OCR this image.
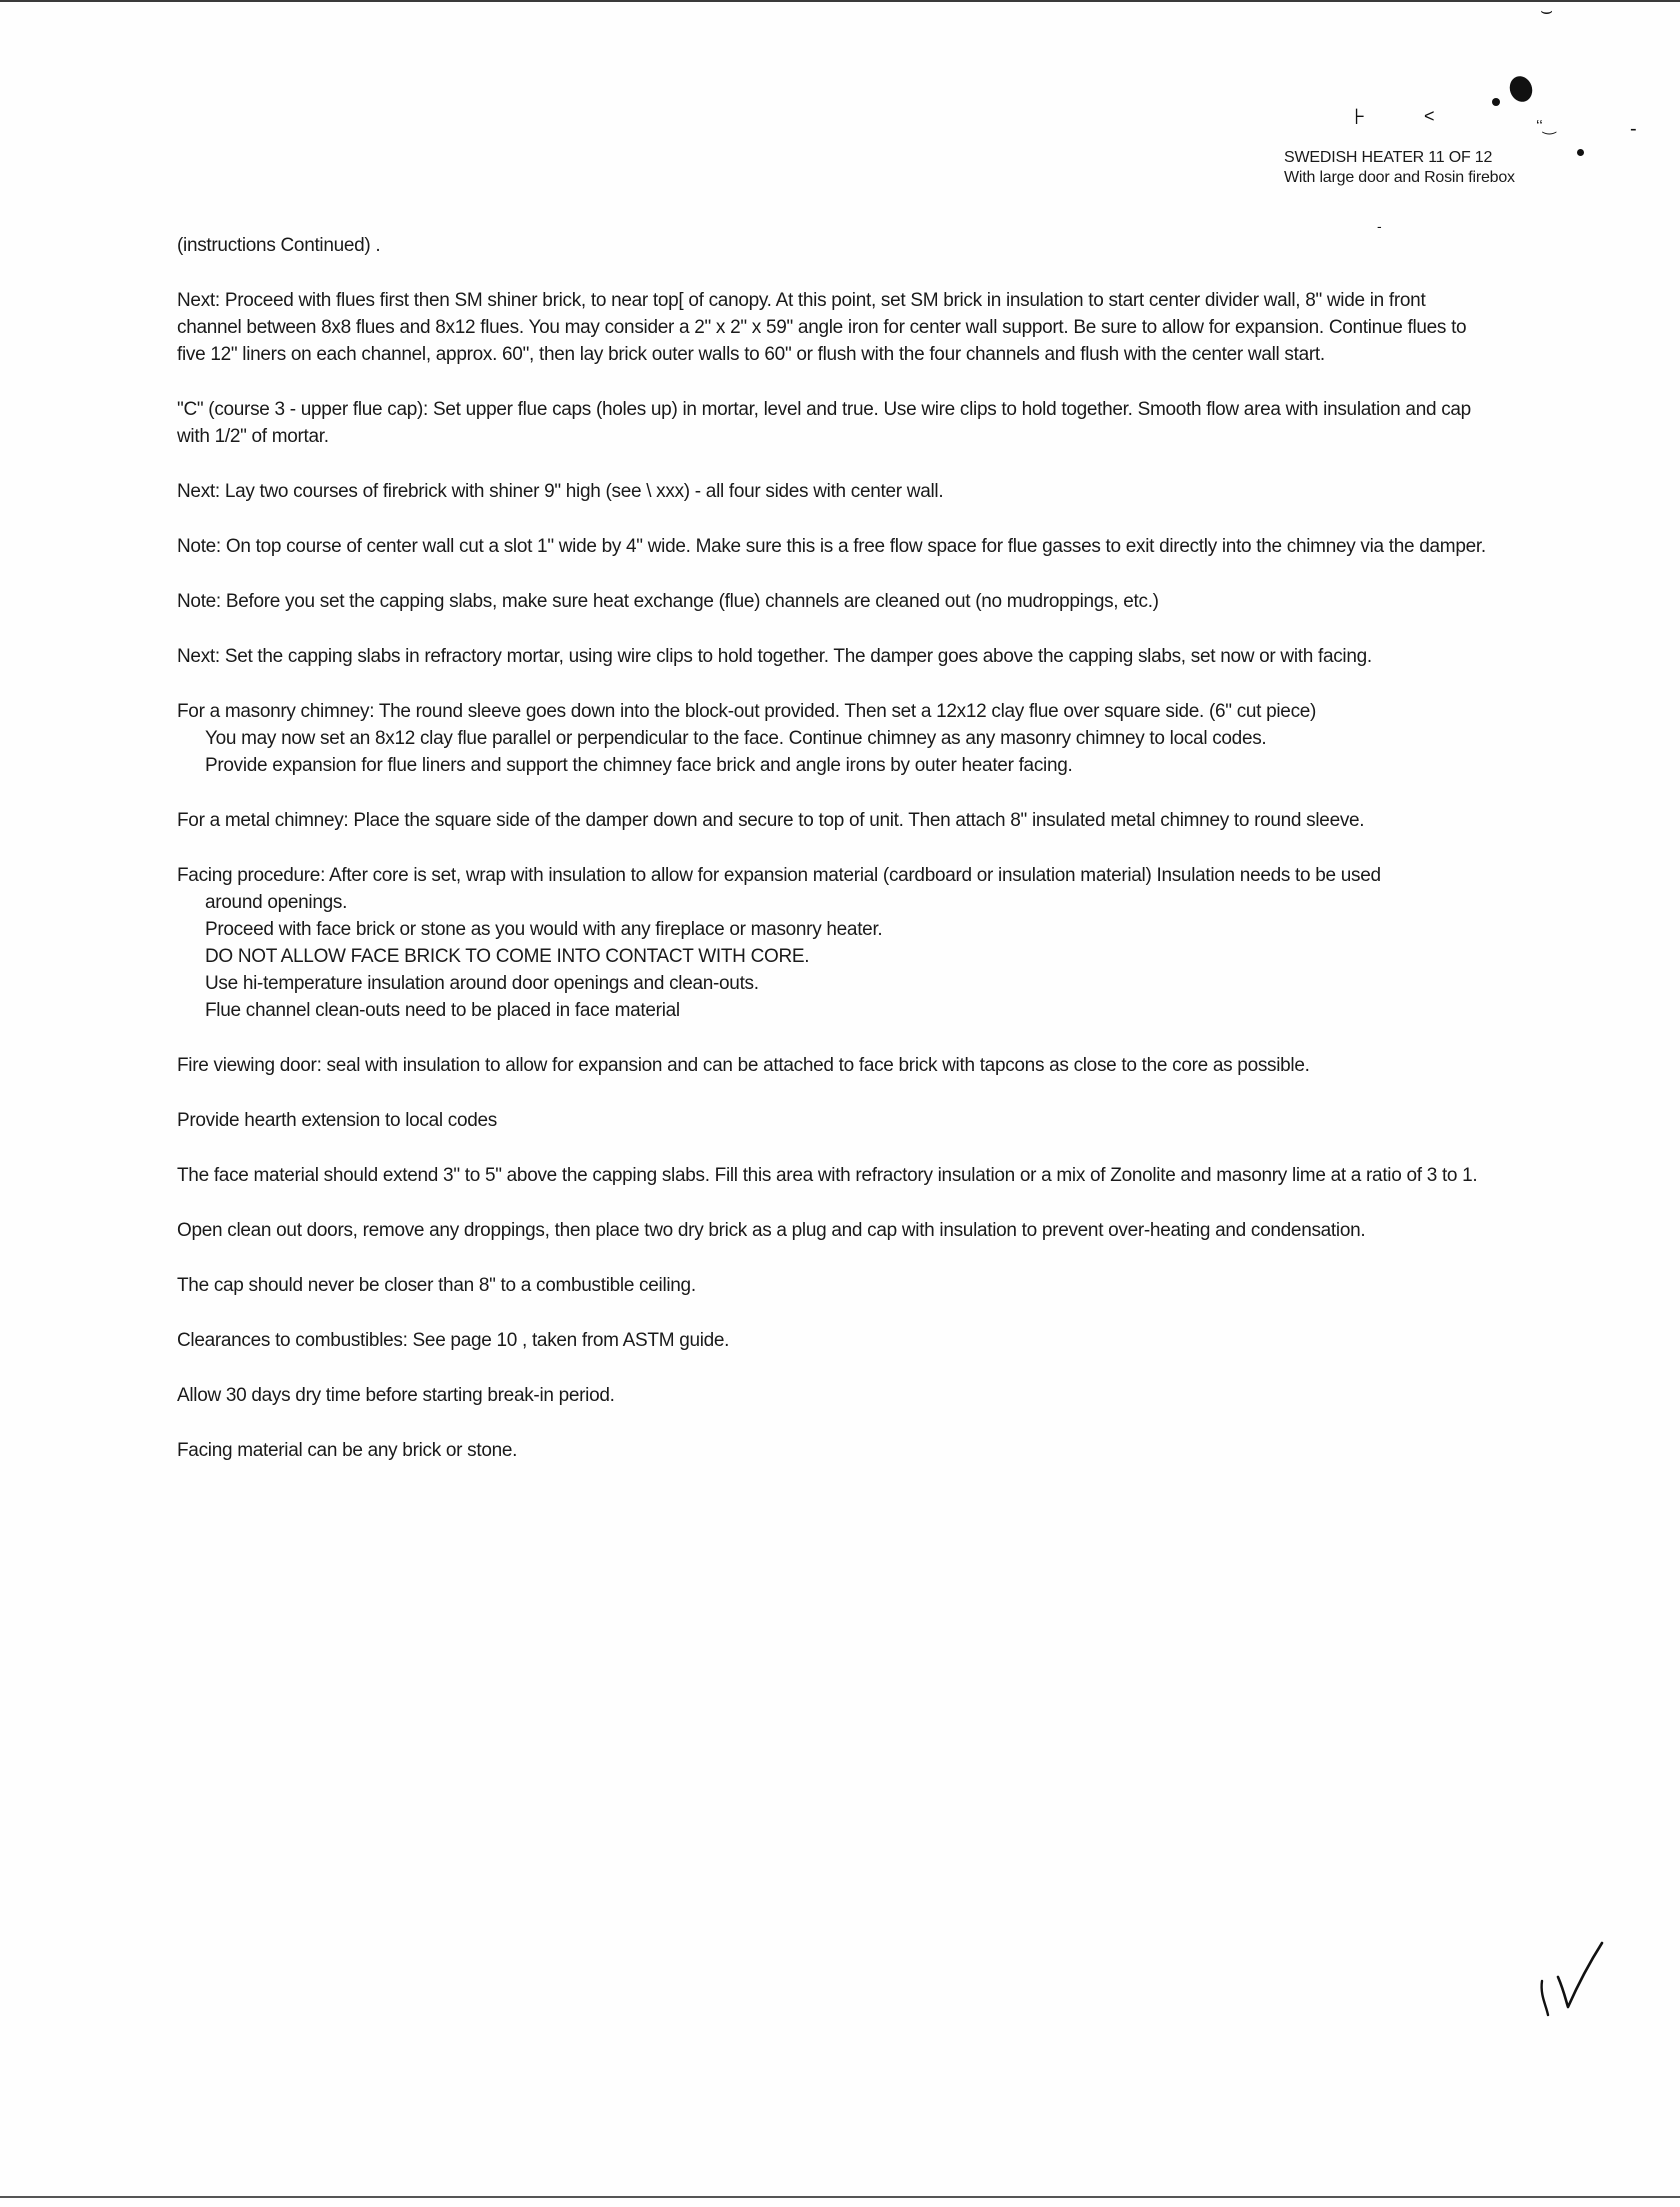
⊦	<
‐
‘‘‿
-
⌣
SWEDISH HEATER 11 OF 12
With large door and Rosin firebox
(instructions Continued) .
Next: Proceed with flues first then SM shiner brick, to near top[ of canopy. At this point, set SM brick in insulation to start center divider wall, 8" wide in front channel between 8x8 flues and 8x12 flues. You may consider a 2" x 2" x 59" angle iron for center wall support. Be sure to allow for expansion. Continue flues to five 12" liners on each channel, approx. 60", then lay brick outer walls to 60" or flush with the four channels and flush with the center wall start.
"C" (course 3 - upper flue cap): Set upper flue caps (holes up) in mortar, level and true. Use wire clips to hold together. Smooth flow area with insulation and cap with 1/2" of mortar.
Next: Lay two courses of firebrick with shiner 9" high (see \ xxx) - all four sides with center wall.
Note: On top course of center wall cut a slot 1" wide by 4" wide. Make sure this is a free flow space for flue gasses to exit directly into the chimney via the damper.
Note: Before you set the capping slabs, make sure heat exchange (flue) channels are cleaned out (no mudroppings, etc.)
Next: Set the capping slabs in refractory mortar, using wire clips to hold together. The damper goes above the capping slabs, set now or with facing.
For a masonry chimney: The round sleeve goes down into the block-out provided. Then set a 12x12 clay flue over square side. (6" cut piece)
You may now set an 8x12 clay flue parallel or perpendicular to the face. Continue chimney as any masonry chimney to local codes.
Provide expansion for flue liners and support the chimney face brick and angle irons by outer heater facing.
For a metal chimney: Place the square side of the damper down and secure to top of unit. Then attach 8" insulated metal chimney to round sleeve.
Facing procedure: After core is set, wrap with insulation to allow for expansion material (cardboard or insulation material) Insulation needs to be used
around openings.
Proceed with face brick or stone as you would with any fireplace or masonry heater.
DO NOT ALLOW FACE BRICK TO COME INTO CONTACT WITH CORE.
Use hi-temperature insulation around door openings and clean-outs.
Flue channel clean-outs need to be placed in face material
Fire viewing door: seal with insulation to allow for expansion and can be attached to face brick with tapcons as close to the core as possible.
Provide hearth extension to local codes
The face material should extend 3" to 5" above the capping slabs. Fill this area with refractory insulation or a mix of Zonolite and masonry lime at a ratio of 3 to 1.
Open clean out doors, remove any droppings, then place two dry brick as a plug and cap with insulation to prevent over-heating and condensation.
The cap should never be closer than 8" to a combustible ceiling.
Clearances to combustibles: See page 10 , taken from ASTM guide.
Allow 30 days dry time before starting break-in period.
Facing material can be any brick or stone.
